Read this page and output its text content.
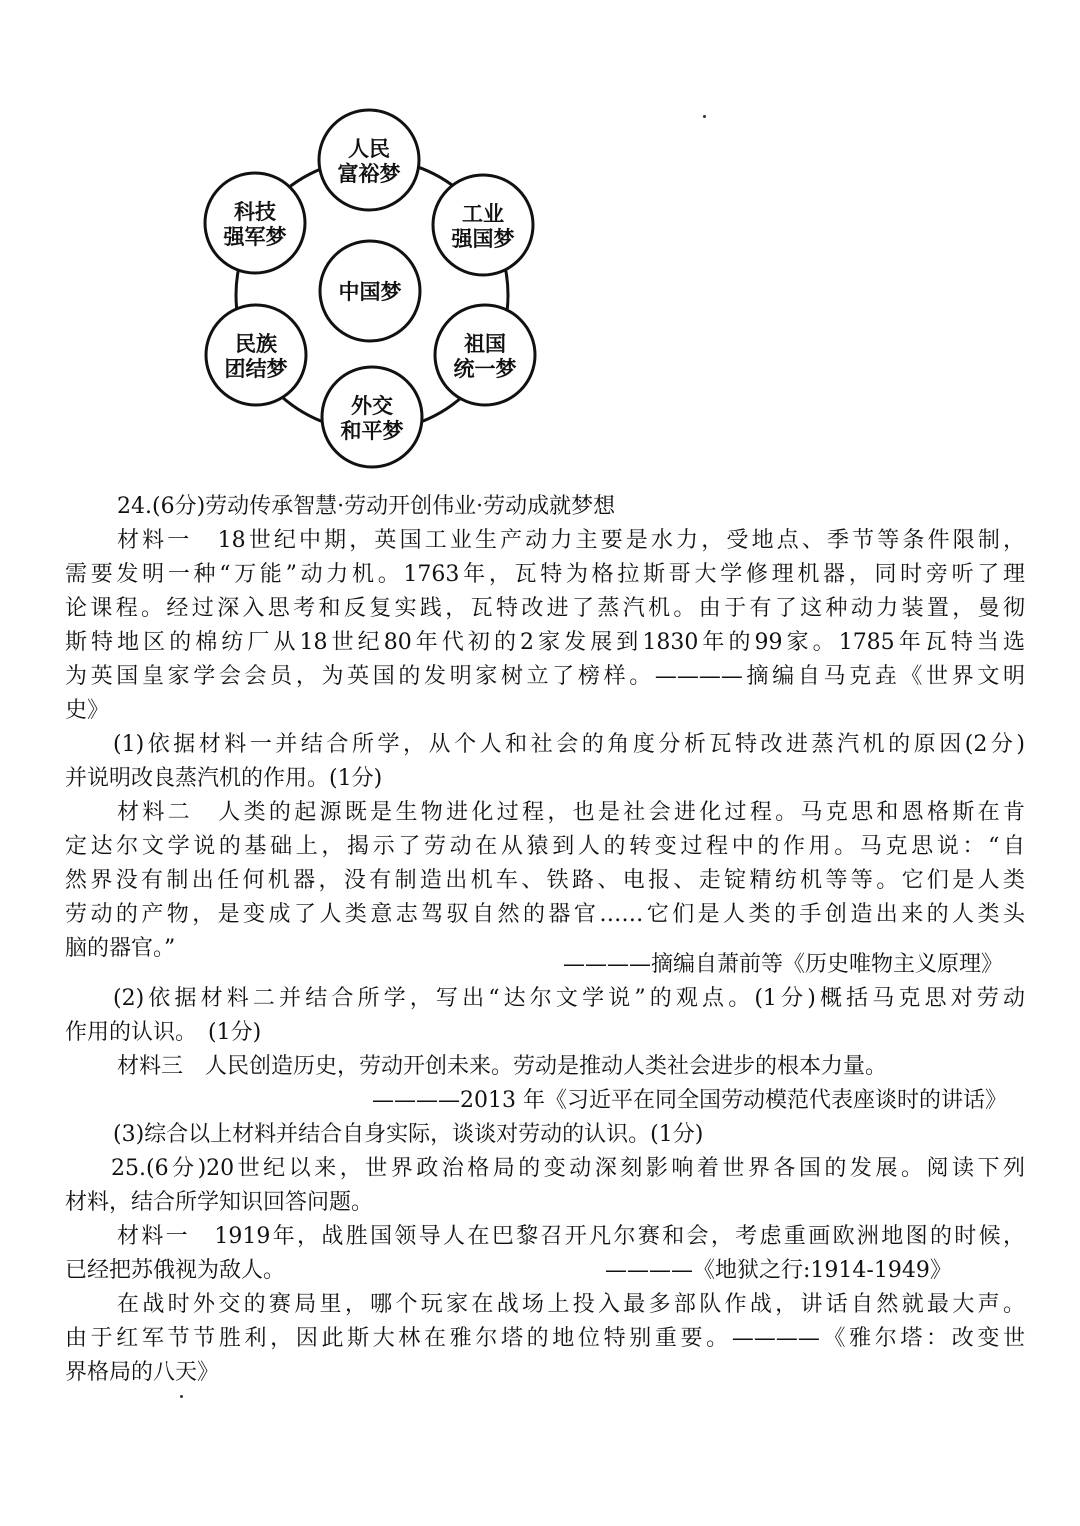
中国梦
人民
富裕梦
工业
强国梦
祖国
统一梦
外交
和平梦
民族
团结梦
科技
强军梦
24.(6分)劳动传承智慧·劳动开创伟业·劳动成就梦想
材料一　18世纪中期，英国工业生产动力主要是水力，受地点、季节等条件限制，
需要发明一种“万能”动力机。1763年，瓦特为格拉斯哥大学修理机器，同时旁听了理
论课程。经过深入思考和反复实践，瓦特改进了蒸汽机。由于有了这种动力装置，曼彻
斯特地区的棉纺厂从18世纪80年代初的2家发展到1830年的99家。1785年瓦特当选
为英国皇家学会会员，为英国的发明家树立了榜样。————摘编自马克垚《世界文明
史》
(1)依据材料一并结合所学，从个人和社会的角度分析瓦特改进蒸汽机的原因(2分)
并说明改良蒸汽机的作用。(1分)
材料二　人类的起源既是生物进化过程，也是社会进化过程。马克思和恩格斯在肯
定达尔文学说的基础上，揭示了劳动在从猿到人的转变过程中的作用。马克思说：“自
然界没有制出任何机器，没有制造出机车、铁路、电报、走锭精纺机等等。它们是人类
劳动的产物，是变成了人类意志驾驭自然的器官……它们是人类的手创造出来的人类头
脑的器官。”
————摘编自萧前等《历史唯物主义原理》
(2)依据材料二并结合所学，写出“达尔文学说”的观点。(1分)概括马克思对劳动
作用的认识。　(1分)
材料三　人民创造历史，劳动开创未来。劳动是推动人类社会进步的根本力量。
————2013 年《习近平在同全国劳动模范代表座谈时的讲话》
(3)综合以上材料并结合自身实际，谈谈对劳动的认识。(1分)
25.(6分)20世纪以来，世界政治格局的变动深刻影响着世界各国的发展。阅读下列
材料，结合所学知识回答问题。
材料一　1919年，战胜国领导人在巴黎召开凡尔赛和会，考虑重画欧洲地图的时候，
已经把苏俄视为敌人。	————《地狱之行:1914-1949》
在战时外交的赛局里，哪个玩家在战场上投入最多部队作战，讲话自然就最大声。
由于红军节节胜利，因此斯大林在雅尔塔的地位特别重要。————《雅尔塔：改变世
界格局的八天》
